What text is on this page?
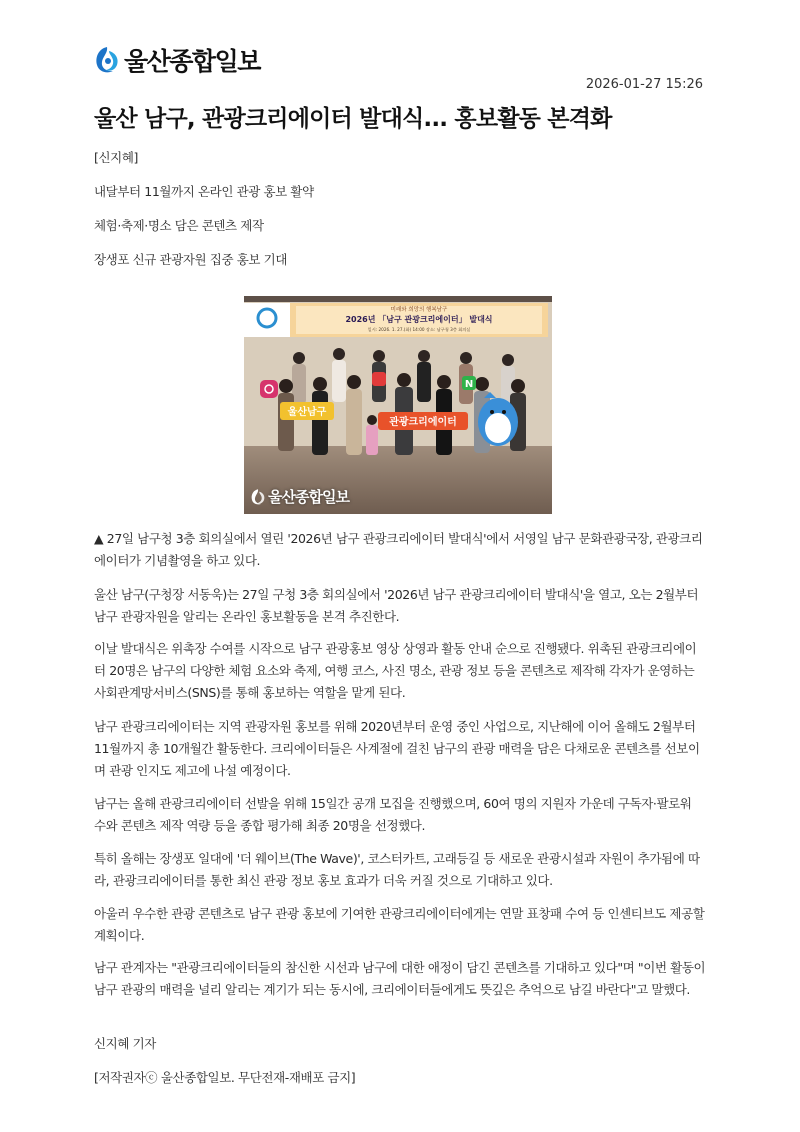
울산종합일보
2026-01-27 15:26
울산 남구, 관광크리에이터 발대식... 홍보활동 본격화

[신지혜]

내달부터 11월까지 온라인 관광 홍보 활약

체험·축제·명소 담은 콘텐츠 제작

장생포 신규 관광자원 집중 홍보 기대

미래와 희망의 행복남구
2026년 「남구 관광크리에이터」 발대식
일시: 2026. 1. 27.(화) 14:00 장소: 남구청 3층 회의실
N
울산남구
관광크리에이터
울산종합일보

▲ 27일 남구청 3층 회의실에서 열린 '2026년 남구 관광크리에이터 발대식'에서 서영일 남구 문화관광국장, 관광크리에이터가 기념촬영을 하고 있다.

울산 남구(구청장 서동욱)는 27일 구청 3층 회의실에서 '2026년 남구 관광크리에이터 발대식'을 열고, 오는 2월부터 남구 관광자원을 알리는 온라인 홍보활동을 본격 추진한다.

이날 발대식은 위촉장 수여를 시작으로 남구 관광홍보 영상 상영과 활동 안내 순으로 진행됐다. 위촉된 관광크리에이터 20명은 남구의 다양한 체험 요소와 축제, 여행 코스, 사진 명소, 관광 정보 등을 콘텐츠로 제작해 각자가 운영하는 사회관계망서비스(SNS)를 통해 홍보하는 역할을 맡게 된다.

남구 관광크리에이터는 지역 관광자원 홍보를 위해 2020년부터 운영 중인 사업으로, 지난해에 이어 올해도 2월부터 11월까지 총 10개월간 활동한다. 크리에이터들은 사계절에 걸친 남구의 관광 매력을 담은 다채로운 콘텐츠를 선보이며 관광 인지도 제고에 나설 예정이다.

남구는 올해 관광크리에이터 선발을 위해 15일간 공개 모집을 진행했으며, 60여 명의 지원자 가운데 구독자·팔로워 수와 콘텐츠 제작 역량 등을 종합 평가해 최종 20명을 선정했다.

특히 올해는 장생포 일대에 '더 웨이브(The Wave)', 코스터카트, 고래등길 등 새로운 관광시설과 자원이 추가됨에 따라, 관광크리에이터를 통한 최신 관광 정보 홍보 효과가 더욱 커질 것으로 기대하고 있다.

아울러 우수한 관광 콘텐츠로 남구 관광 홍보에 기여한 관광크리에이터에게는 연말 표창패 수여 등 인센티브도 제공할 계획이다.

남구 관계자는 "관광크리에이터들의 참신한 시선과 남구에 대한 애정이 담긴 콘텐츠를 기대하고 있다"며 "이번 활동이 남구 관광의 매력을 널리 알리는 계기가 되는 동시에, 크리에이터들에게도 뜻깊은 추억으로 남길 바란다"고 말했다.

신지혜 기자

[저작권자ⓒ 울산종합일보. 무단전재-재배포 금지]
